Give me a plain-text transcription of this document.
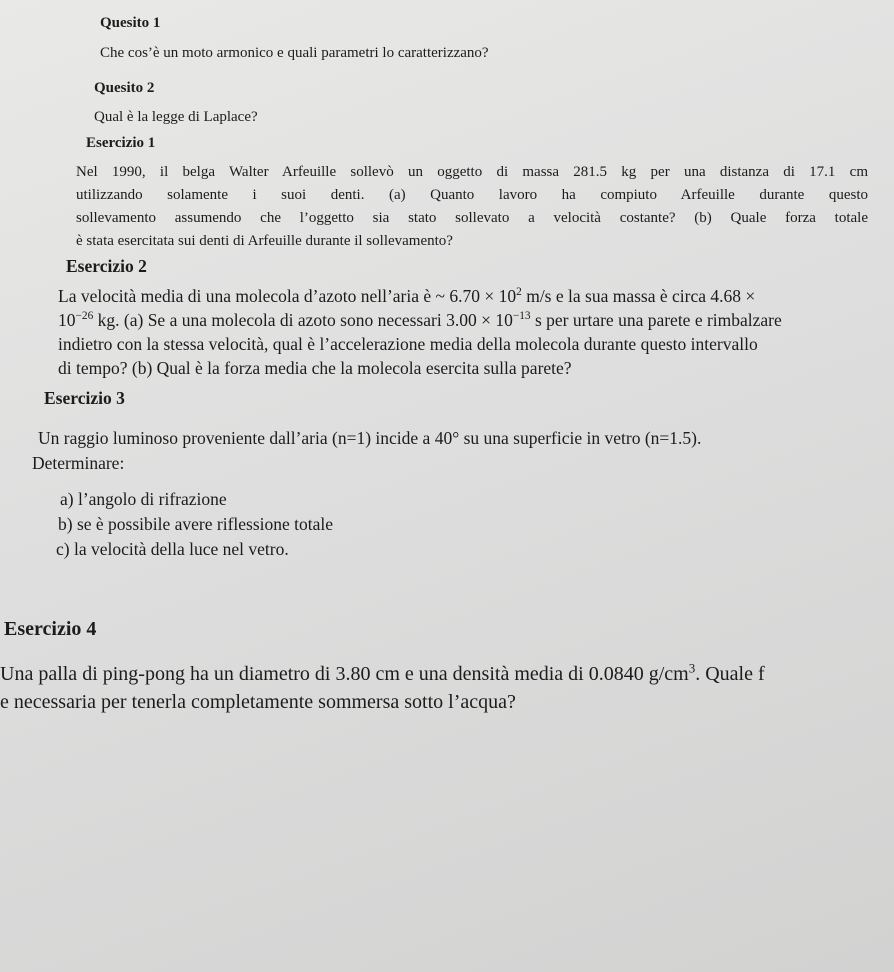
Quesito 1
Che cos’è un moto armonico e quali parametri lo caratterizzano?
Quesito 2
Qual è la legge di Laplace?
Esercizio 1
Nel 1990, il belga Walter Arfeuille sollevò un oggetto di massa 281.5 kg per una distanza di 17.1 cm
utilizzando solamente i suoi denti. (a) Quanto lavoro ha compiuto Arfeuille durante questo
sollevamento assumendo che l’oggetto sia stato sollevato a velocità costante? (b) Quale forza totale
è stata esercitata sui denti di Arfeuille durante il sollevamento?
Esercizio 2
La velocità media di una molecola d’azoto nell’aria è ~ $6.70 \times 10^2$ m/s e la sua massa è circa 4.68 ×
$10^{-26}$ kg. (a) Se a una molecola di azoto sono necessari $3.00 \times 10^{-13}$ s per urtare una parete e rimbalzare
indietro con la stessa velocità, qual è l’accelerazione media della molecola durante questo intervallo
di tempo? (b) Qual è la forza media che la molecola esercita sulla parete?
Esercizio 3
Un raggio luminoso proveniente dall’aria (n=1) incide a 40° su una superficie in vetro (n=1.5).
Determinare:
a) l’angolo di rifrazione
b) se è possibile avere riflessione totale
c) la velocità della luce nel vetro.
Esercizio 4
Una palla di ping-pong ha un diametro di 3.80 cm e una densità media di 0.0840 $g/cm^3$. Quale f
e necessaria per tenerla completamente sommersa sotto l’acqua?
